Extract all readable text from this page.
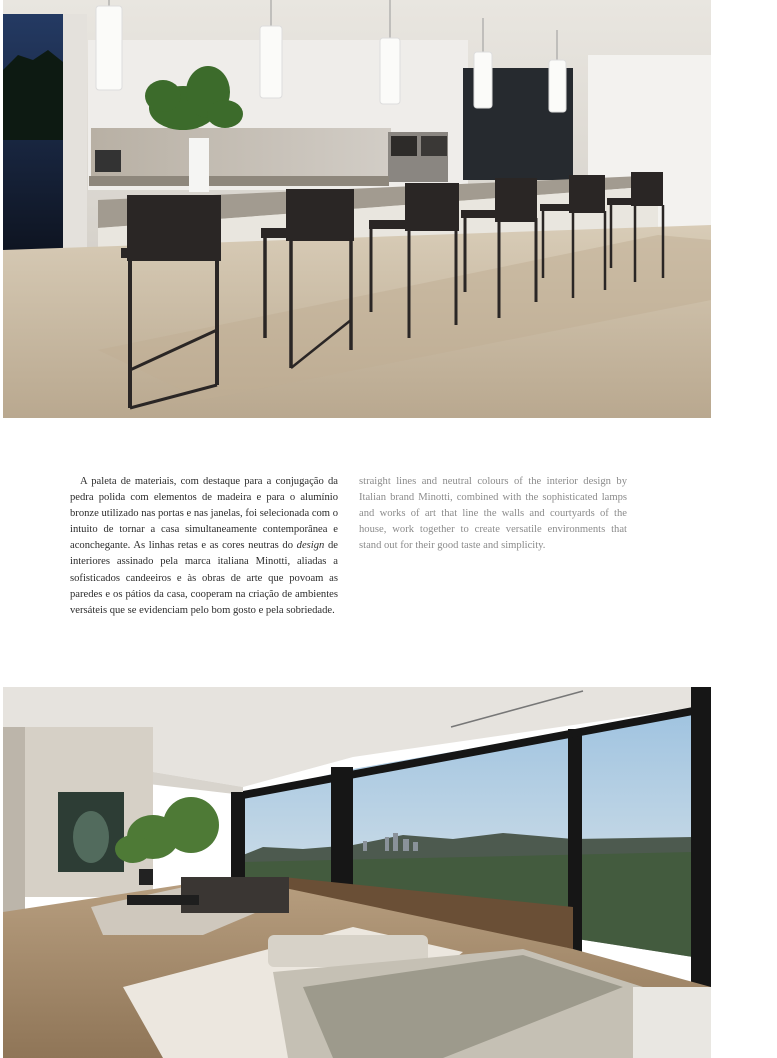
A paleta de materiais, com destaque para a conjugação da pedra polida com elementos de madeira e para o alumínio bronze utilizado nas portas e nas janelas, foi selecionada com o intuito de tornar a casa simultaneamente contemporânea e aconchegante. As linhas retas e as cores neutras do design de interiores assinado pela marca italiana Minotti, aliadas a sofisticados candeeiros e às obras de arte que povoam as paredes e os pátios da casa, cooperam na criação de ambientes versáteis que se evidenciam pelo bom gosto e pela sobriedade.

straight lines and neutral colours of the interior design by Italian brand Minotti, combined with the sophisticated lamps and works of art that line the walls and courtyards of the house, work together to create versatile environments that stand out for their good taste and simplicity.
